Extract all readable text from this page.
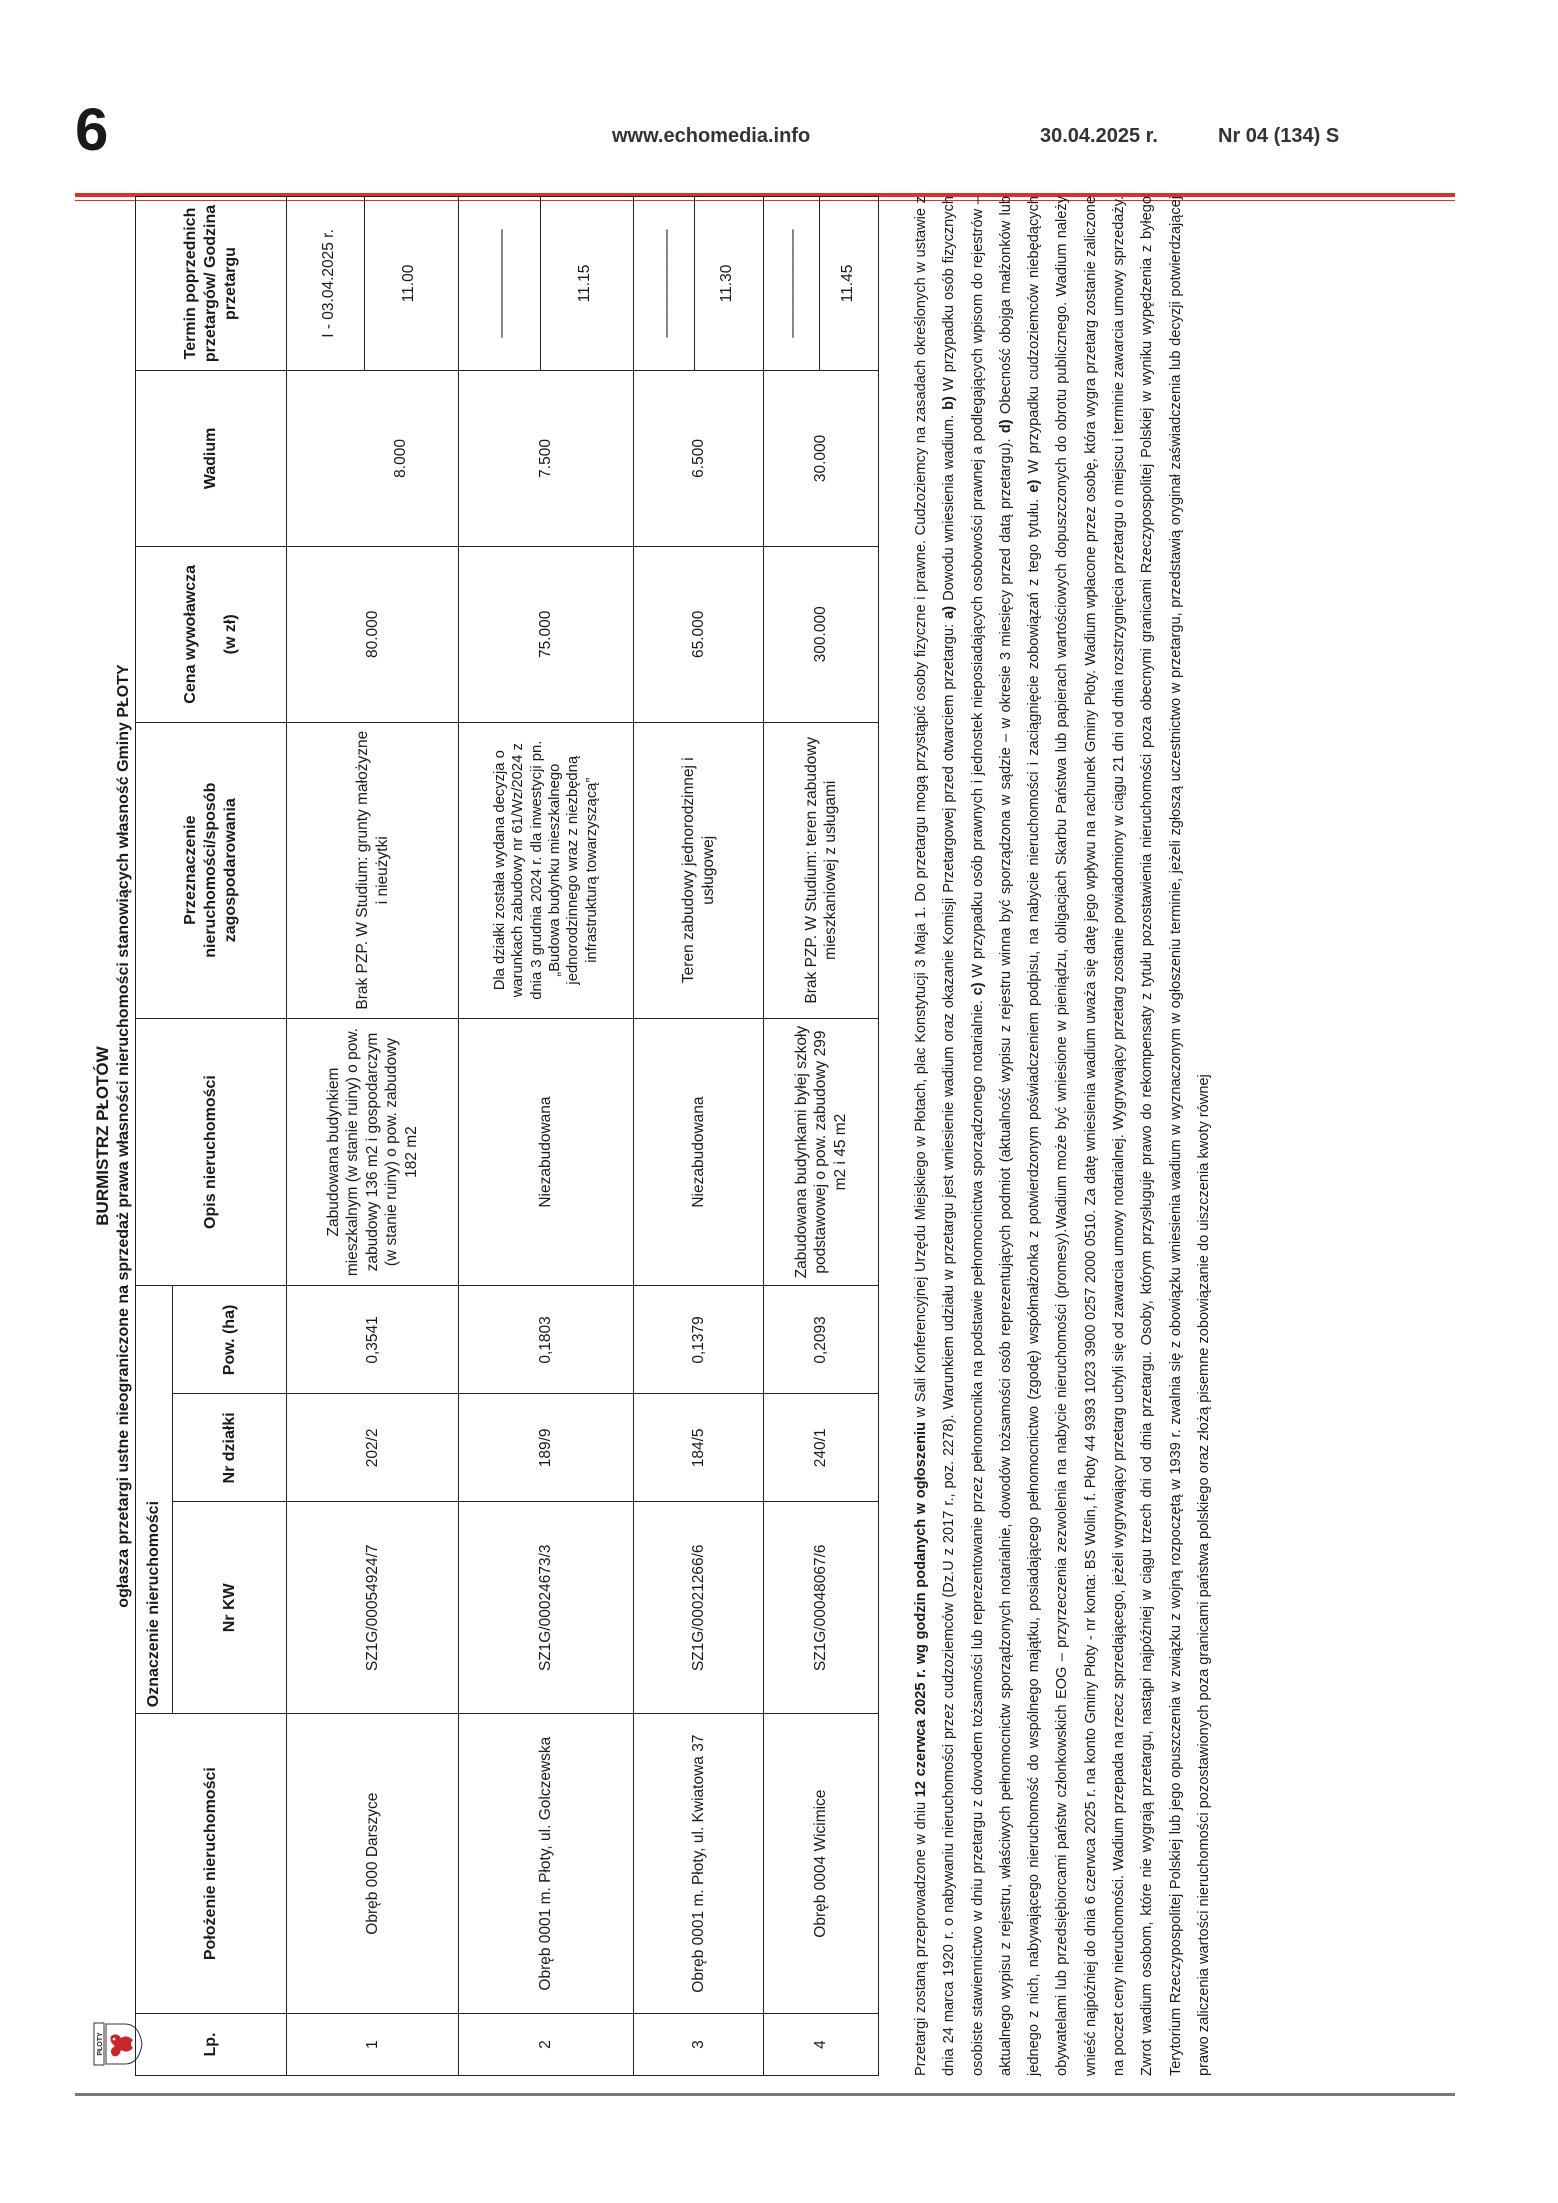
6	www.echomedia.info	30.04.2025 r.	Nr 04 (134) S
PŁOTY
BURMISTRZ PŁOTÓW ogłasza przetargi ustne nieograniczone na sprzedaż prawa własności nieruchomości stanowiących własność Gminy PŁOTY
Lp.	Położenie nieruchomości	Oznaczenie nieruchomości			Opis nieruchomości	Przeznaczenie nieruchomości/sposób zagospodarowania	Cena wywoławcza (w zł)	Wadium	Termin poprzednich przetargów/ Godzina przetargu
		Nr KW	Nr działki	Pow. (ha)					
1	Obręb 000 Darszyce	SZ1G/00054924/7	202/2	0,3541	Zabudowana budynkiem mieszkalnym (w stanie ruiny) o pow. zabudowy 136 m2 i gospodarczym (w stanie ruiny) o pow. zabudowy 182 m2	Brak PZP. W Studium: grunty małożyzne i nieużytki	80.000	8.000	I - 03.04.2025 r. 11.00

2	Obręb 0001 m. Płoty, ul. Golczewska	SZ1G/00024673/3	189/9	0,1803	Niezabudowana	Dla działki została wydana decyzja o warunkach zabudowy nr 61/Wz/2024 z dnia 3 grudnia 2024 r. dla inwestycji pn. „Budowa budynku mieszkalnego jednorodzinnego wraz z niezbędną infrastrukturą towarzyszącą”	75.000	7.500	——————— 11.15

3	Obręb 0001 m. Płoty, ul. Kwiatowa 37	SZ1G/00021266/6	184/5	0,1379	Niezabudowana	Teren zabudowy jednorodzinnej i usługowej	65.000	6.500	——————— 11.30

4	Obręb 0004 Wicimice	SZ1G/00048067/6	240/1	0,2093	Zabudowana budynkami byłej szkoły podstawowej o pow. zabudowy 299 m2 i 45 m2	Brak PZP. W Studium: teren zabudowy mieszkaniowej z usługami	300.000	30.000	——————— 11.45
Przetargi zostaną przeprowadzone w dniu 12 czerwca 2025 r. wg godzin podanych w ogłoszeniu w Sali Konferencyjnej Urzędu Miejskiego w Płotach, plac Konstytucji 3 Maja 1. Do przetargu mogą przystąpić osoby fizyczne i prawne. Cudzoziemcy na zasadach określonych w ustawie z dnia 24 marca 1920 r. o nabywaniu nieruchomości przez cudzoziemców (Dz.U z 2017 r., poz. 2278). Warunkiem udziału w przetargu jest wniesienie wadium oraz okazanie Komisji Przetargowej przed otwarciem przetargu: a) Dowodu wniesienia wadium. b) W przypadku osób fizycznych osobiste stawiennictwo w dniu przetargu z dowodem tożsamości lub reprezentowanie przez pełnomocnika na podstawie pełnomocnictwa sporządzonego notarialnie. c) W przypadku osób prawnych i jednostek nieposiadających osobowości prawnej a podlegających wpisom do rejestrów – aktualnego wypisu z rejestru, właściwych pełnomocnictw sporządzonych notarialnie, dowodów tożsamości osób reprezentujących podmiot (aktualność wypisu z rejestru winna być sporządzona w sądzie – w okresie 3 miesięcy przed datą przetargu). d) Obecność obojga małżonków lub jednego z nich, nabywającego nieruchomość do wspólnego majątku, posiadającego pełnomocnictwo (zgodę) współmałżonka z potwierdzonym poświadczeniem podpisu, na nabycie nieruchomości i zaciągnięcie zobowiązań z tego tytułu. e) W przypadku cudzoziemców niebędących obywatelami lub przedsiębiorcami państw członkowskich EOG – przyrzeczenia zezwolenia na nabycie nieruchomości (promesy).Wadium może być wniesione w pieniądzu, obligacjach Skarbu Państwa lub papierach wartościowych dopuszczonych do obrotu publicznego. Wadium należy wnieść najpóźniej do dnia 6 czerwca 2025 r. na konto Gminy Płoty - nr konta: BS Wolin, f. Płoty 44 9393 1023 3900 0257 2000 0510. Za datę wniesienia wadium uważa się datę jego wpływu na rachunek Gminy Płoty. Wadium wpłacone przez osobę, która wygra przetarg zostanie zaliczone na poczet ceny nieruchomości. Wadium przepada na rzecz sprzedającego, jeżeli wygrywający przetarg uchyli się od zawarcia umowy notarialnej. Wygrywający przetarg zostanie powiadomiony w ciągu 21 dni od dnia rozstrzygnięcia przetargu o miejscu i terminie zawarcia umowy sprzedaży. Zwrot wadium osobom, które nie wygrają przetargu, nastąpi najpóźniej w ciągu trzech dni od dnia przetargu. Osoby, którym przysługuje prawo do rekompensaty z tytułu pozostawienia nieruchomości poza obecnymi granicami Rzeczypospolitej Polskiej w wyniku wypędzenia z byłego Terytorium Rzeczypospolitej Polskiej lub jego opuszczenia w związku z wojną rozpoczętą w 1939 r. zwalnia się z obowiązku wniesienia wadium w wyznaczonym w ogłoszeniu terminie, jeżeli zgłoszą uczestnictwo w przetargu, przedstawią oryginał zaświadczenia lub decyzji potwierdzającej prawo zaliczenia wartości nieruchomości pozostawionych poza granicami państwa polskiego oraz złożą pisemne zobowiązanie do uiszczenia kwoty równej
